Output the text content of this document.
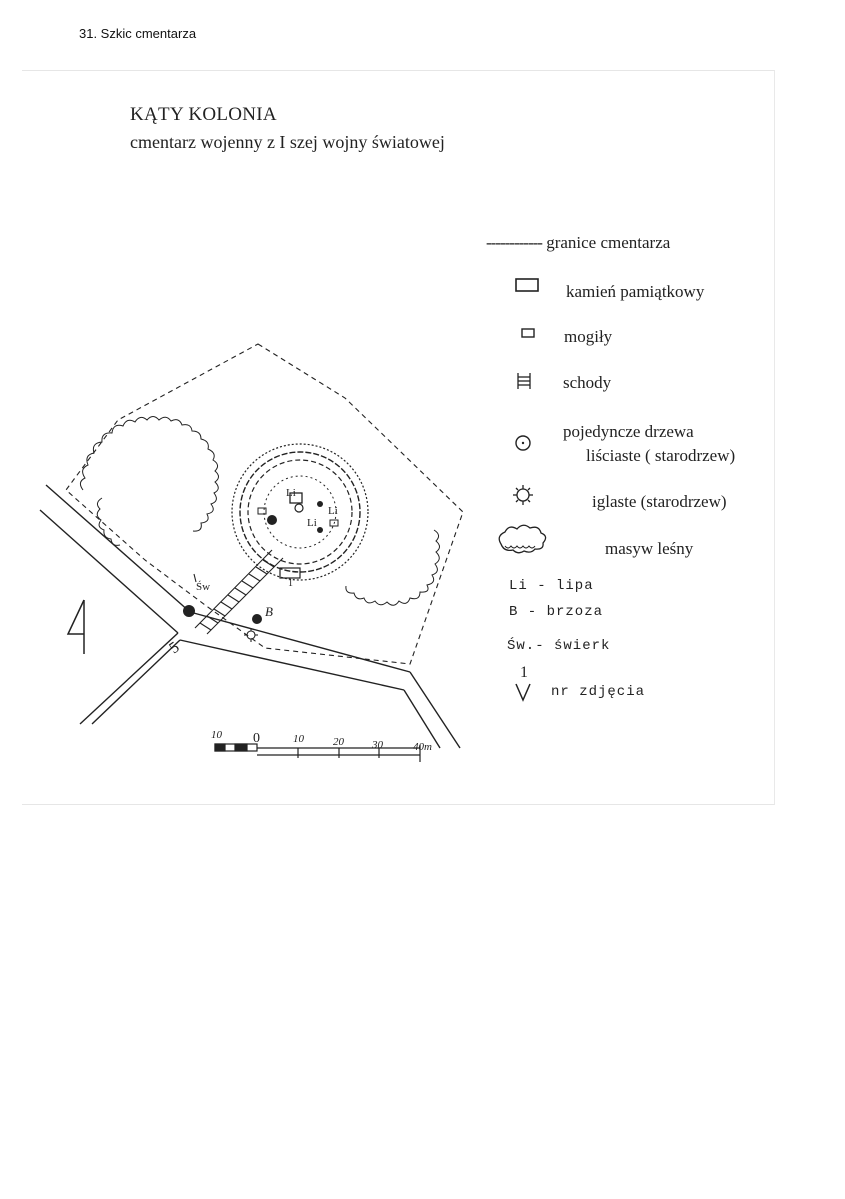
31. Szkic cmentarza
KĄTY KOLONIA
cmentarz wojenny z I szej wojny światowej
------------ granice cmentarza
kamień pamiątkowy
mogiły
schody
pojedyncze drzewa
liściaste ( starodrzew)
iglaste (starodrzew)
masyw leśny
Li - lipa
B - brzoza
Św.- świerk
1
nr zdjęcia
Li
Li
Li
Św
B
5
1
10 0	10	20	30	40m
